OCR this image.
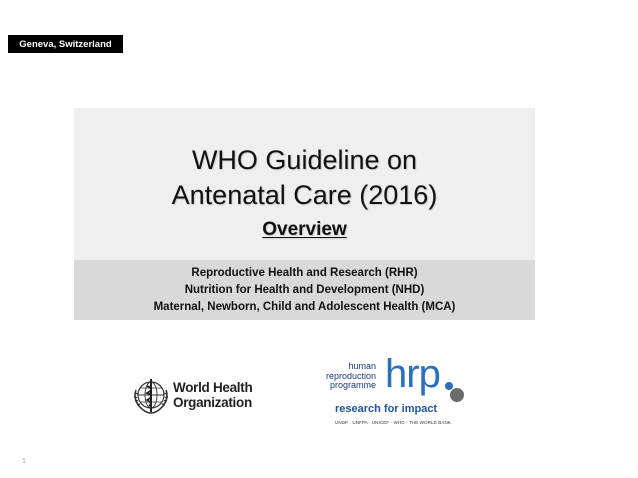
Geneva, Switzerland
WHO Guideline on
Antenatal Care (2016)
Overview
Reproductive Health and Research (RHR)
Nutrition for Health and Development (NHD)
Maternal, Newborn, Child and Adolescent Health (MCA)
World Health
Organization
human
reproduction
programme hrp
research for impact
UNDP · UNFPA · UNICEF · WHO · THE WORLD BANK
1
